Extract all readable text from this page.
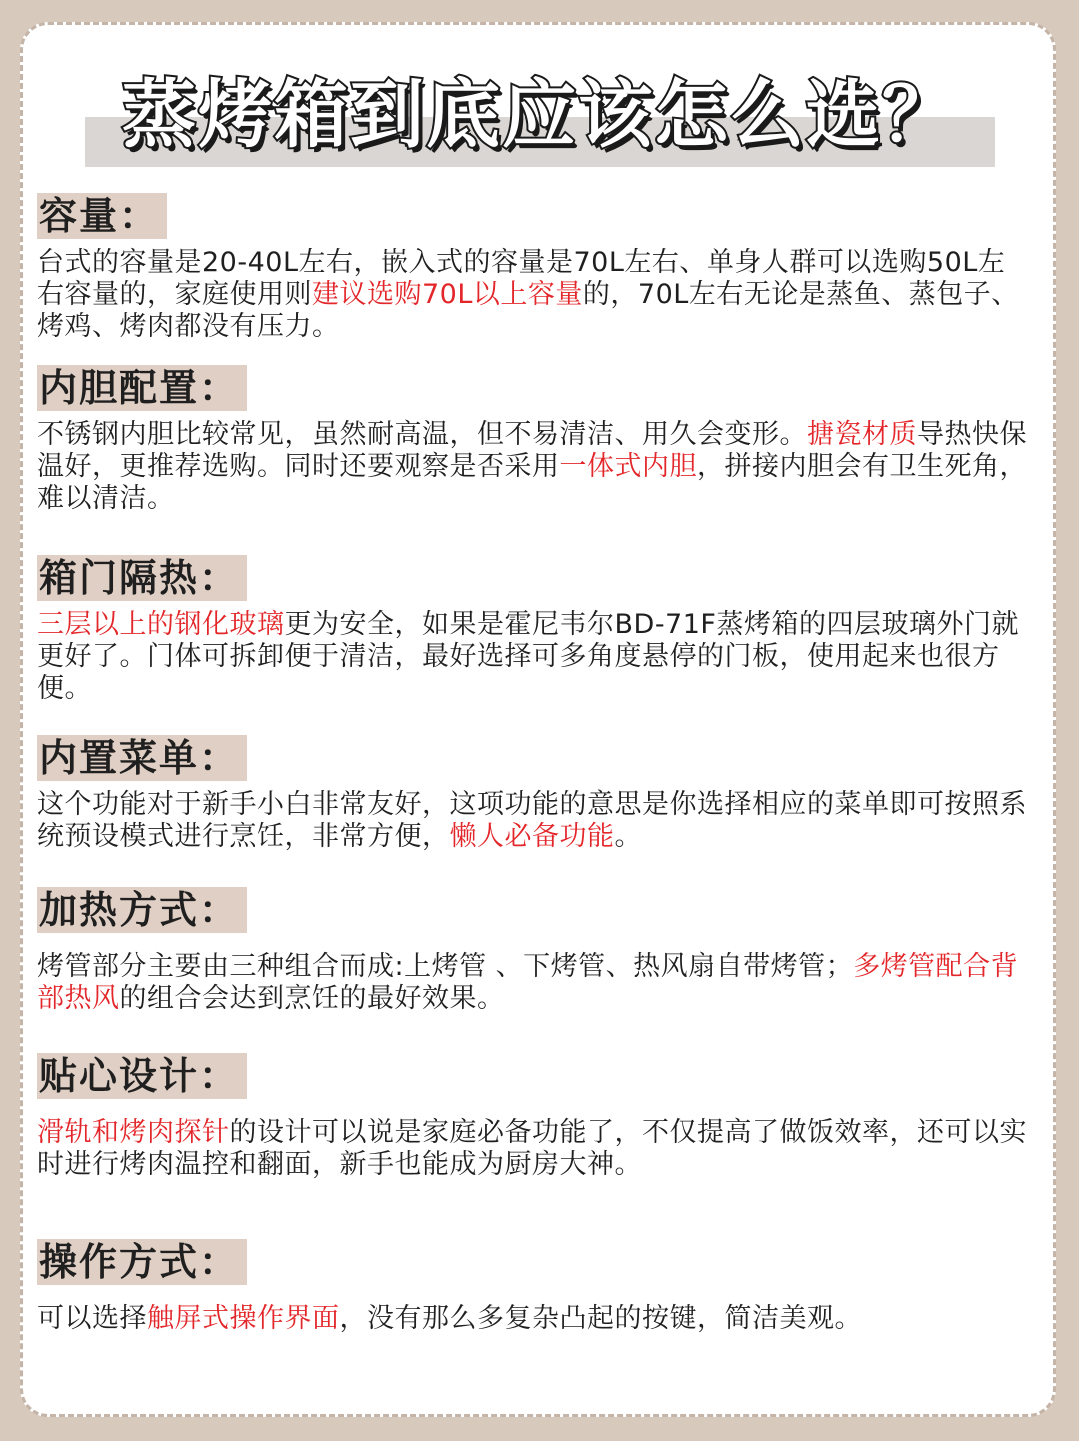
蒸烤箱到底应该怎么选？
容量：
台式的容量是20-40L左右，嵌入式的容量是70L左右、单身人群可以选购50L左右容量的，家庭使用则建议选购70L以上容量的，70L左右无论是蒸鱼、蒸包子、烤鸡、烤肉都没有压力。
内胆配置：
不锈钢内胆比较常见，虽然耐高温，但不易清洁、用久会变形。搪瓷材质导热快保温好，更推荐选购。同时还要观察是否采用一体式内胆，拼接内胆会有卫生死角，难以清洁。
箱门隔热：
三层以上的钢化玻璃更为安全，如果是霍尼韦尔BD-71F蒸烤箱的四层玻璃外门就更好了。门体可拆卸便于清洁，最好选择可多角度悬停的门板，使用起来也很方便。
内置菜单：
这个功能对于新手小白非常友好，这项功能的意思是你选择相应的菜单即可按照系统预设模式进行烹饪，非常方便，懒人必备功能。
加热方式：
烤管部分主要由三种组合而成:上烤管 、下烤管、热风扇自带烤管；多烤管配合背部热风的组合会达到烹饪的最好效果。
贴心设计：
滑轨和烤肉探针的设计可以说是家庭必备功能了，不仅提高了做饭效率，还可以实时进行烤肉温控和翻面，新手也能成为厨房大神。
操作方式：
可以选择触屏式操作界面，没有那么多复杂凸起的按键，简洁美观。
